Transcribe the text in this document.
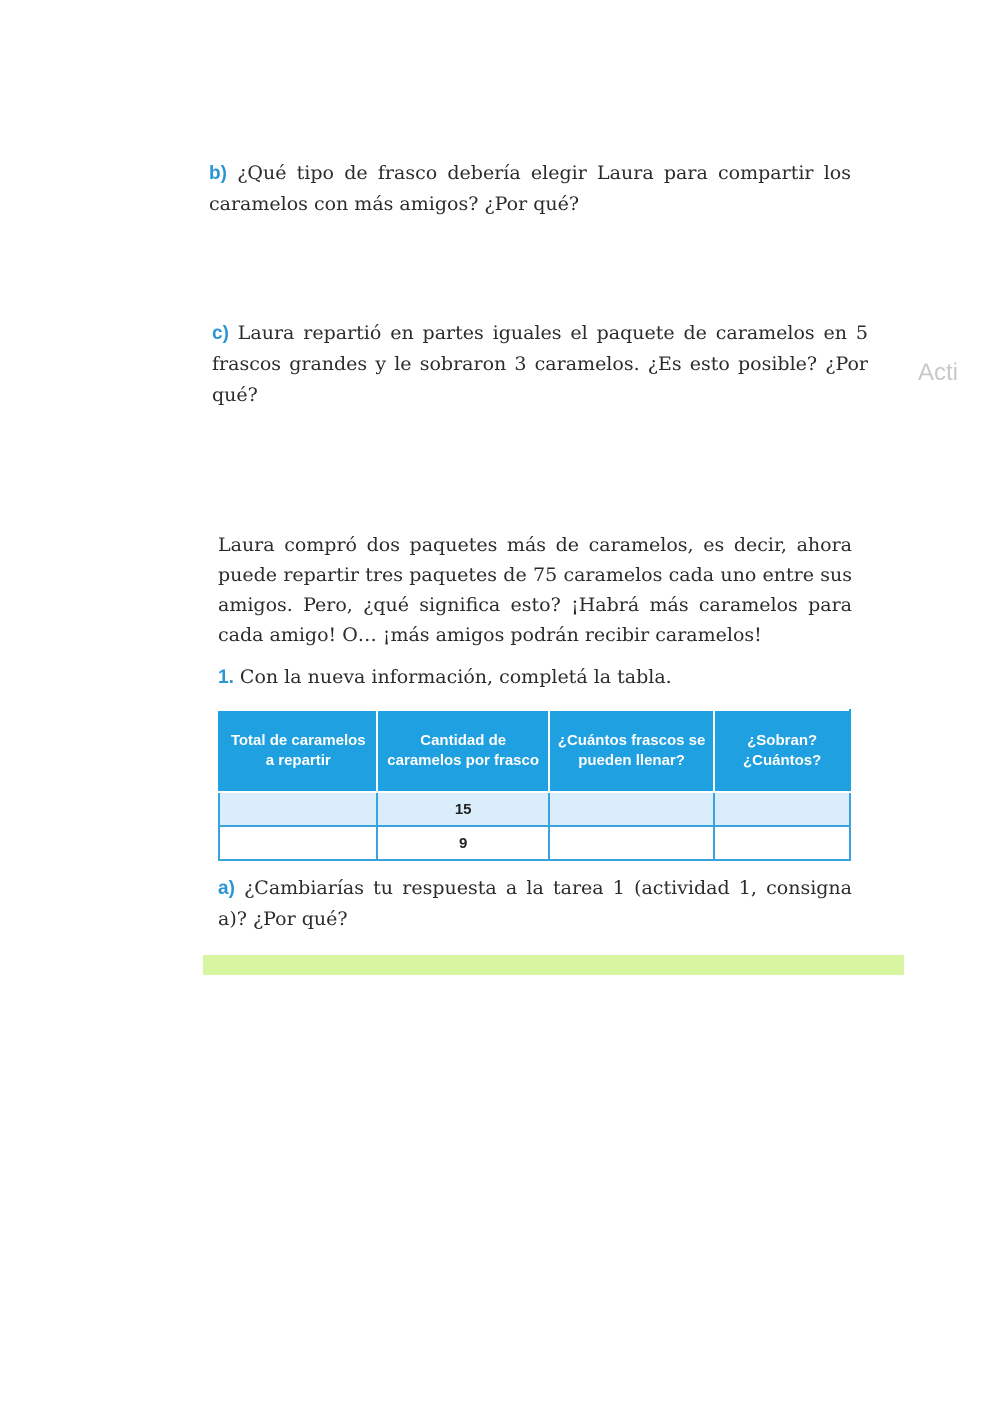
b) ¿Qué tipo de frasco debería elegir Laura para compartir los caramelos con más amigos? ¿Por qué?

c) Laura repartió en partes iguales el paquete de caramelos en 5 frascos grandes y le sobraron 3 caramelos. ¿Es esto posible? ¿Por qué?

Acti

Laura compró dos paquetes más de caramelos, es decir, ahora puede repartir tres paquetes de 75 caramelos cada uno entre sus amigos. Pero, ¿qué significa esto? ¡Habrá más caramelos para cada amigo! O… ¡más amigos podrán recibir caramelos!

1. Con la nueva información, completá la tabla.

Total de caramelos a repartir	Cantidad de caramelos por frasco	¿Cuántos frascos se pueden llenar?	¿Sobran? ¿Cuántos?
	15		
	9		

a) ¿Cambiarías tu respuesta a la tarea 1 (actividad 1, consigna a)? ¿Por qué?
